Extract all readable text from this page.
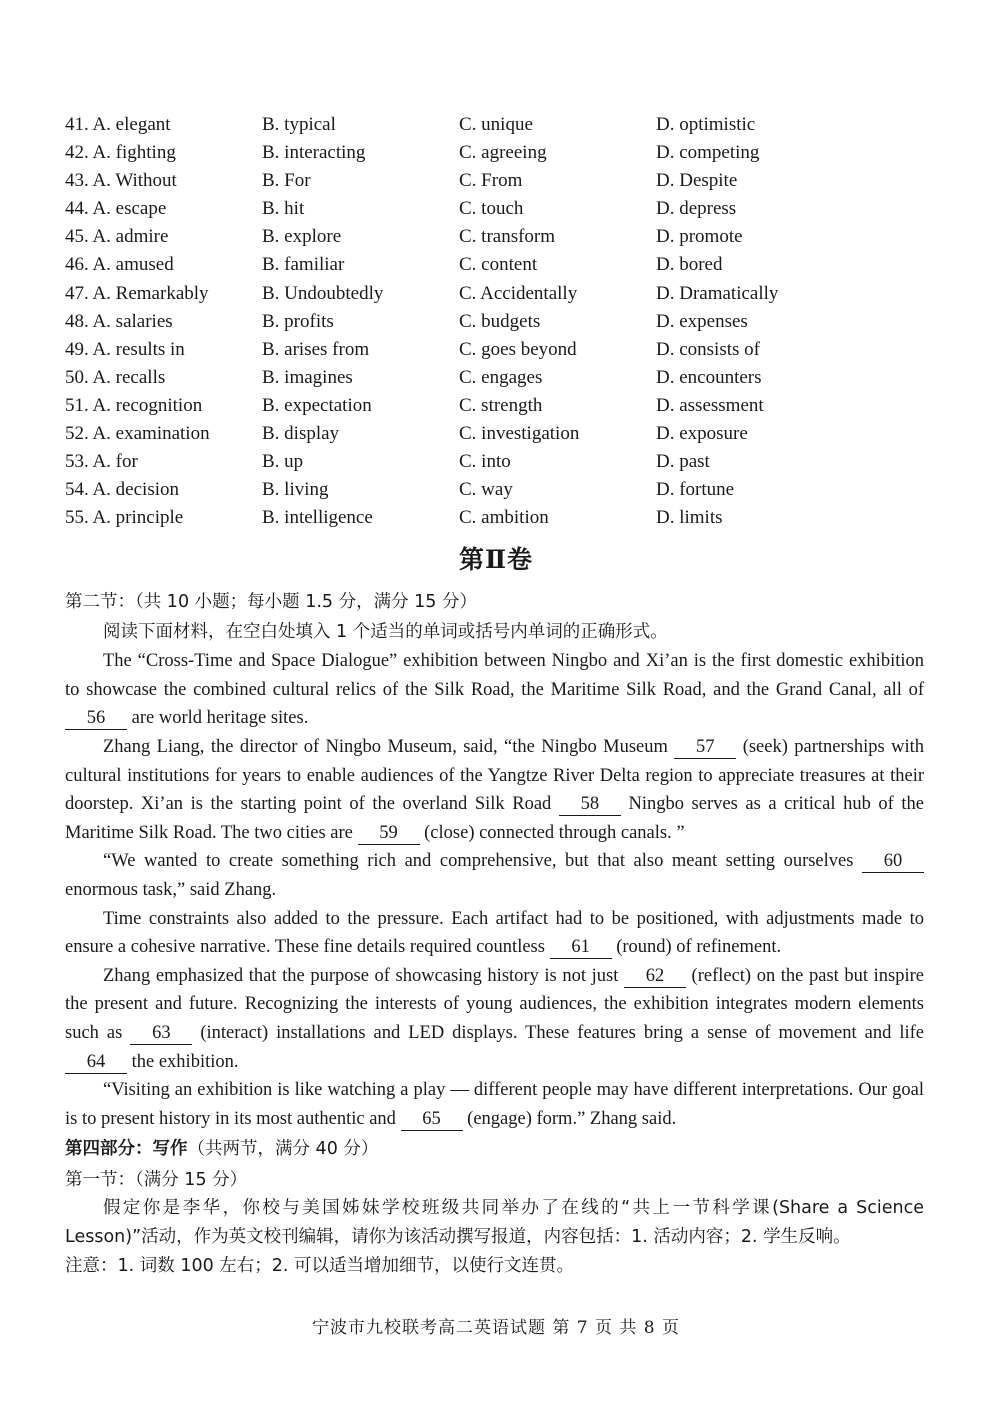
41. A. elegant	B. typical	C. unique	D. optimistic
42. A. fighting	B. interacting	C. agreeing	D. competing
43. A. Without	B. For	C. From	D. Despite
44. A. escape	B. hit	C. touch	D. depress
45. A. admire	B. explore	C. transform	D. promote
46. A. amused	B. familiar	C. content	D. bored
47. A. Remarkably	B. Undoubtedly	C. Accidentally	D. Dramatically
48. A. salaries	B. profits	C. budgets	D. expenses
49. A. results in	B. arises from	C. goes beyond	D. consists of
50. A. recalls	B. imagines	C. engages	D. encounters
51. A. recognition	B. expectation	C. strength	D. assessment
52. A. examination	B. display	C. investigation	D. exposure
53. A. for	B. up	C. into	D. past
54. A. decision	B. living	C. way	D. fortune
55. A. principle	B. intelligence	C. ambition	D. limits
第Ⅱ卷

第二节：（共 10 小题；每小题 1.5 分，满分 15 分）

阅读下面材料，在空白处填入 1 个适当的单词或括号内单词的正确形式。

The “Cross-Time and Space Dialogue” exhibition between Ningbo and Xi’an is the first domestic exhibition to showcase the combined cultural relics of the Silk Road, the Maritime Silk Road, and the Grand Canal, all of 56 are world heritage sites.

Zhang Liang, the director of Ningbo Museum, said, “the Ningbo Museum 57 (seek) partnerships with cultural institutions for years to enable audiences of the Yangtze River Delta region to appreciate treasures at their doorstep. Xi’an is the starting point of the overland Silk Road 58 Ningbo serves as a critical hub of the Maritime Silk Road. The two cities are 59 (close) connected through canals. ”

“We wanted to create something rich and comprehensive, but that also meant setting ourselves 60 enormous task,” said Zhang.

Time constraints also added to the pressure. Each artifact had to be positioned, with adjustments made to ensure a cohesive narrative. These fine details required countless 61 (round) of refinement.

Zhang emphasized that the purpose of showcasing history is not just 62 (reflect) on the past but inspire the present and future. Recognizing the interests of young audiences, the exhibition integrates modern elements such as 63 (interact) installations and LED displays. These features bring a sense of movement and life 64 the exhibition.

“Visiting an exhibition is like watching a play — different people may have different interpretations. Our goal is to present history in its most authentic and 65 (engage) form.” Zhang said.

第四部分：写作（共两节，满分 40 分）

第一节：（满分 15 分）

假定你是李华，你校与美国姊妹学校班级共同举办了在线的“共上一节科学课(Share a Science Lesson)”活动，作为英文校刊编辑，请你为该活动撰写报道，内容包括：1. 活动内容；2. 学生反响。

注意：1. 词数 100 左右；2. 可以适当增加细节，以使行文连贯。

宁波市九校联考高二英语试题 第 7 页 共 8 页
